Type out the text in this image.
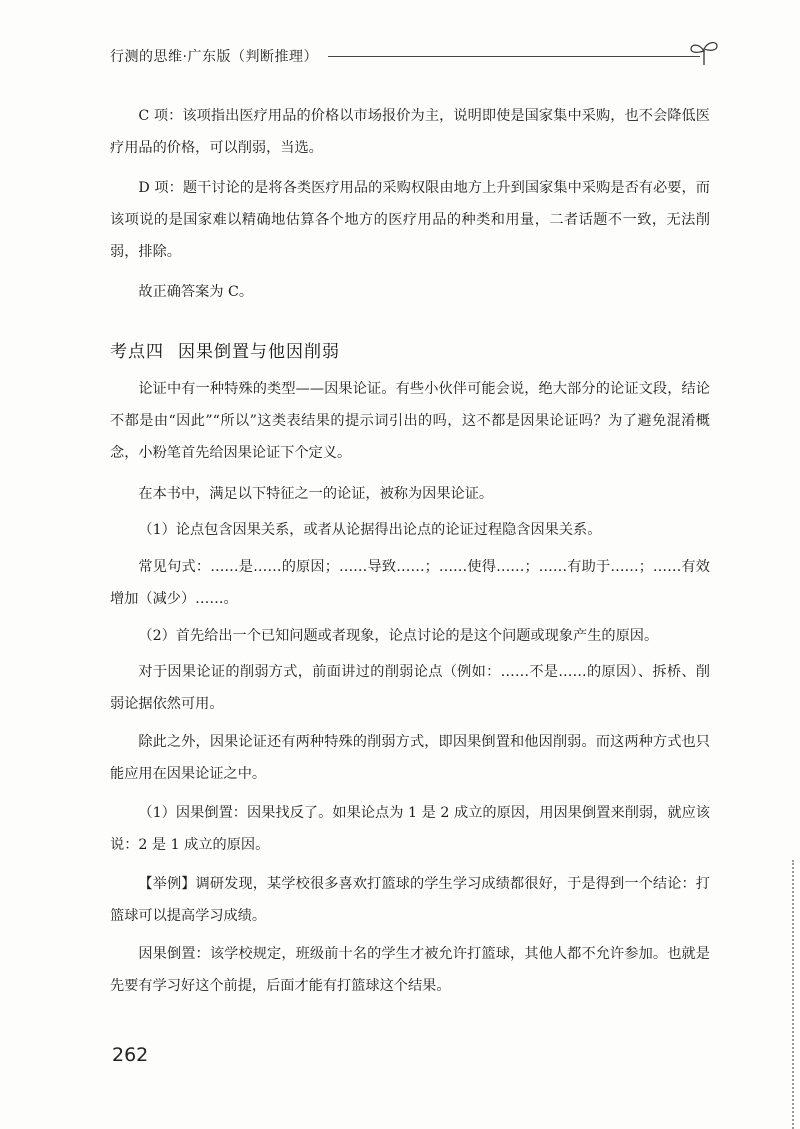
行测的思维·广东版（判断推理）

C 项：该项指出医疗用品的价格以市场报价为主，说明即使是国家集中采购，也不会降低医疗用品的价格，可以削弱，当选。

D 项：题干讨论的是将各类医疗用品的采购权限由地方上升到国家集中采购是否有必要，而该项说的是国家难以精确地估算各个地方的医疗用品的种类和用量，二者话题不一致，无法削弱，排除。

故正确答案为 C。

考点四 因果倒置与他因削弱

论证中有一种特殊的类型——因果论证。有些小伙伴可能会说，绝大部分的论证文段，结论不都是由“因此”“所以”这类表结果的提示词引出的吗，这不都是因果论证吗？为了避免混淆概念，小粉笔首先给因果论证下个定义。

在本书中，满足以下特征之一的论证，被称为因果论证。

（1）论点包含因果关系，或者从论据得出论点的论证过程隐含因果关系。

常见句式：……是……的原因；……导致……；……使得……；……有助于……；……有效增加（减少）……。

（2）首先给出一个已知问题或者现象，论点讨论的是这个问题或现象产生的原因。

对于因果论证的削弱方式，前面讲过的削弱论点（例如：……不是……的原因）、拆桥、削弱论据依然可用。

除此之外，因果论证还有两种特殊的削弱方式，即因果倒置和他因削弱。而这两种方式也只能应用在因果论证之中。

（1）因果倒置：因果找反了。如果论点为 1 是 2 成立的原因，用因果倒置来削弱，就应该说：2 是 1 成立的原因。

【举例】调研发现，某学校很多喜欢打篮球的学生学习成绩都很好，于是得到一个结论：打篮球可以提高学习成绩。

因果倒置：该学校规定，班级前十名的学生才被允许打篮球，其他人都不允许参加。也就是先要有学习好这个前提，后面才能有打篮球这个结果。

262
